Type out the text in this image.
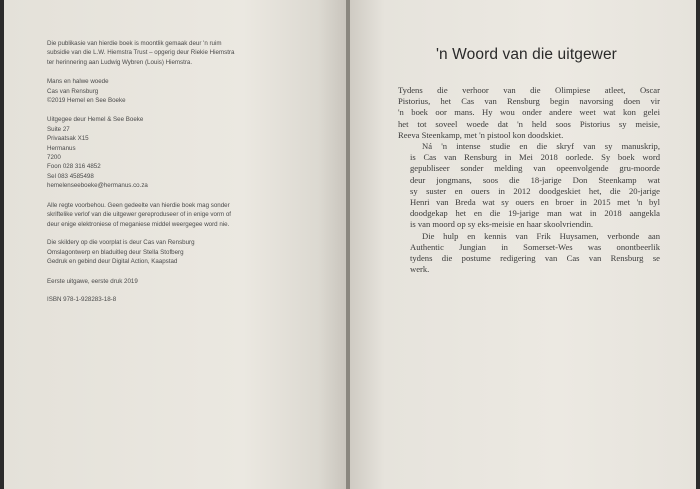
Die publikasie van hierdie boek is moontlik gemaak deur 'n ruim
subsidie van die L.W. Hiemstra Trust – opgerig deur Riekie Hiemstra
ter herinnering aan Ludwig Wybren (Louis) Hiemstra.
Mans en halwe woede
Cas van Rensburg
©2019 Hemel en See Boeke
Uitgegee deur Hemel & See Boeke
Suite 27
Privaatsak X15
Hermanus
7200
Foon 028 316 4852
Sel 083 4585498
hemelenseeboeke@hermanus.co.za
Alle regte voorbehou. Geen gedeelte van hierdie boek mag sonder
skriftelike verlof van die uitgewer gereproduseer of in enige vorm of
deur enige elektroniese of meganiese middel weergegee word nie.
Die skildery op die voorplat is deur Cas van Rensburg
Omslagontwerp en bladuitleg deur Stella Stofberg
Gedruk en gebind deur Digital Action, Kaapstad
Eerste uitgawe, eerste druk 2019
ISBN 978-1-928283-18-8
'n Woord van die uitgewer

Tydens die verhoor van die Olimpiese atleet, Oscar
Pistorius, het Cas van Rensburg begin navorsing doen vir
'n boek oor mans. Hy wou onder andere weet wat kon gelei
het tot soveel woede dat 'n held soos Pistorius sy meisie,
Reeva Steenkamp, met 'n pistool kon doodskiet.

Ná 'n intense studie en die skryf van sy manuskrip,
is Cas van Rensburg in Mei 2018 oorlede. Sy boek word
gepubliseer sonder melding van opeenvolgende gru-moorde
deur jongmans, soos die 18-jarige Don Steenkamp wat
sy suster en ouers in 2012 doodgeskiet het, die 20-jarige
Henri van Breda wat sy ouers en broer in 2015 met 'n byl
doodgekap het en die 19-jarige man wat in 2018 aangekla
is van moord op sy eks-meisie en haar skoolvriendin.

Die hulp en kennis van Frik Huysamen, verbonde aan
Authentic Jungian in Somerset-Wes was onontbeerlik
tydens die postume redigering van Cas van Rensburg se
werk.
